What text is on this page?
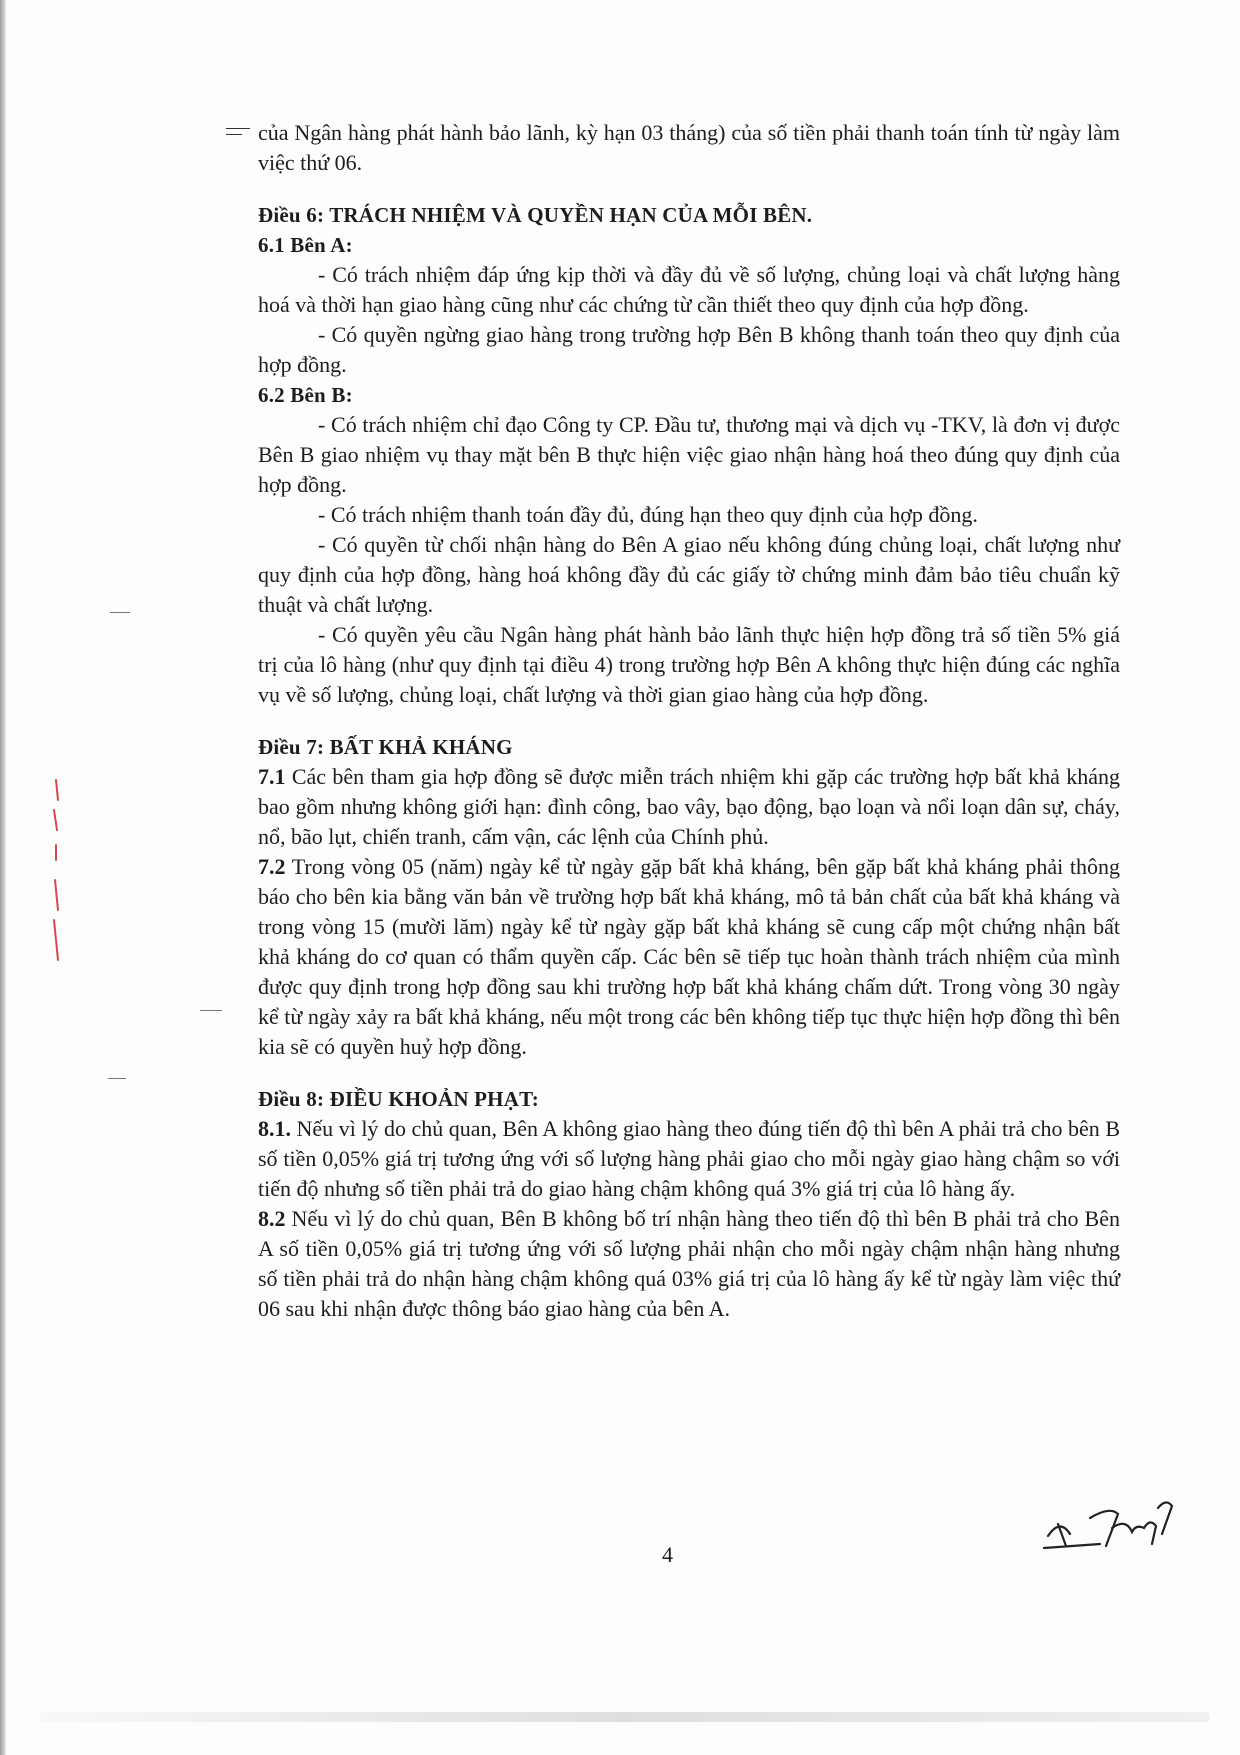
của Ngân hàng phát hành bảo lãnh, kỳ hạn 03 tháng) của số tiền phải thanh toán tính từ ngày làm việc thứ 06.

Điều 6: TRÁCH NHIỆM VÀ QUYỀN HẠN CỦA MỖI BÊN.

6.1 Bên A:

- Có trách nhiệm đáp ứng kịp thời và đầy đủ về số lượng, chủng loại và chất lượng hàng hoá và thời hạn giao hàng cũng như các chứng từ cần thiết theo quy định của hợp đồng.

- Có quyền ngừng giao hàng trong trường hợp Bên B không thanh toán theo quy định của hợp đồng.

6.2 Bên B:

- Có trách nhiệm chỉ đạo Công ty CP. Đầu tư, thương mại và dịch vụ -TKV, là đơn vị được Bên B giao nhiệm vụ thay mặt bên B thực hiện việc giao nhận hàng hoá theo đúng quy định của hợp đồng.

- Có trách nhiệm thanh toán đầy đủ, đúng hạn theo quy định của hợp đồng.

- Có quyền từ chối nhận hàng do Bên A giao nếu không đúng chủng loại, chất lượng như quy định của hợp đồng, hàng hoá không đầy đủ các giấy tờ chứng minh đảm bảo tiêu chuẩn kỹ thuật và chất lượng.

- Có quyền yêu cầu Ngân hàng phát hành bảo lãnh thực hiện hợp đồng trả số tiền 5% giá trị của lô hàng (như quy định tại điều 4) trong trường hợp Bên A không thực hiện đúng các nghĩa vụ về số lượng, chủng loại, chất lượng và thời gian giao hàng của hợp đồng.

Điều 7: BẤT KHẢ KHÁNG

7.1 Các bên tham gia hợp đồng sẽ được miễn trách nhiệm khi gặp các trường hợp bất khả kháng bao gồm nhưng không giới hạn: đình công, bao vây, bạo động, bạo loạn và nổi loạn dân sự, cháy, nổ, bão lụt, chiến tranh, cấm vận, các lệnh của Chính phủ.

7.2 Trong vòng 05 (năm) ngày kể từ ngày gặp bất khả kháng, bên gặp bất khả kháng phải thông báo cho bên kia bằng văn bản về trường hợp bất khả kháng, mô tả bản chất của bất khả kháng và trong vòng 15 (mười lăm) ngày kể từ ngày gặp bất khả kháng sẽ cung cấp một chứng nhận bất khả kháng do cơ quan có thẩm quyền cấp. Các bên sẽ tiếp tục hoàn thành trách nhiệm của mình được quy định trong hợp đồng sau khi trường hợp bất khả kháng chấm dứt. Trong vòng 30 ngày kể từ ngày xảy ra bất khả kháng, nếu một trong các bên không tiếp tục thực hiện hợp đồng thì bên kia sẽ có quyền huỷ hợp đồng.

Điều 8: ĐIỀU KHOẢN PHẠT:

8.1. Nếu vì lý do chủ quan, Bên A không giao hàng theo đúng tiến độ thì bên A phải trả cho bên B số tiền 0,05% giá trị tương ứng với số lượng hàng phải giao cho mỗi ngày giao hàng chậm so với tiến độ nhưng số tiền phải trả do giao hàng chậm không quá 3% giá trị của lô hàng ấy.

8.2 Nếu vì lý do chủ quan, Bên B không bố trí nhận hàng theo tiến độ thì bên B phải trả cho Bên A số tiền 0,05% giá trị tương ứng với số lượng phải nhận cho mỗi ngày chậm nhận hàng nhưng số tiền phải trả do nhận hàng chậm không quá 03% giá trị của lô hàng ấy kể từ ngày làm việc thứ 06 sau khi nhận được thông báo giao hàng của bên A.

4
